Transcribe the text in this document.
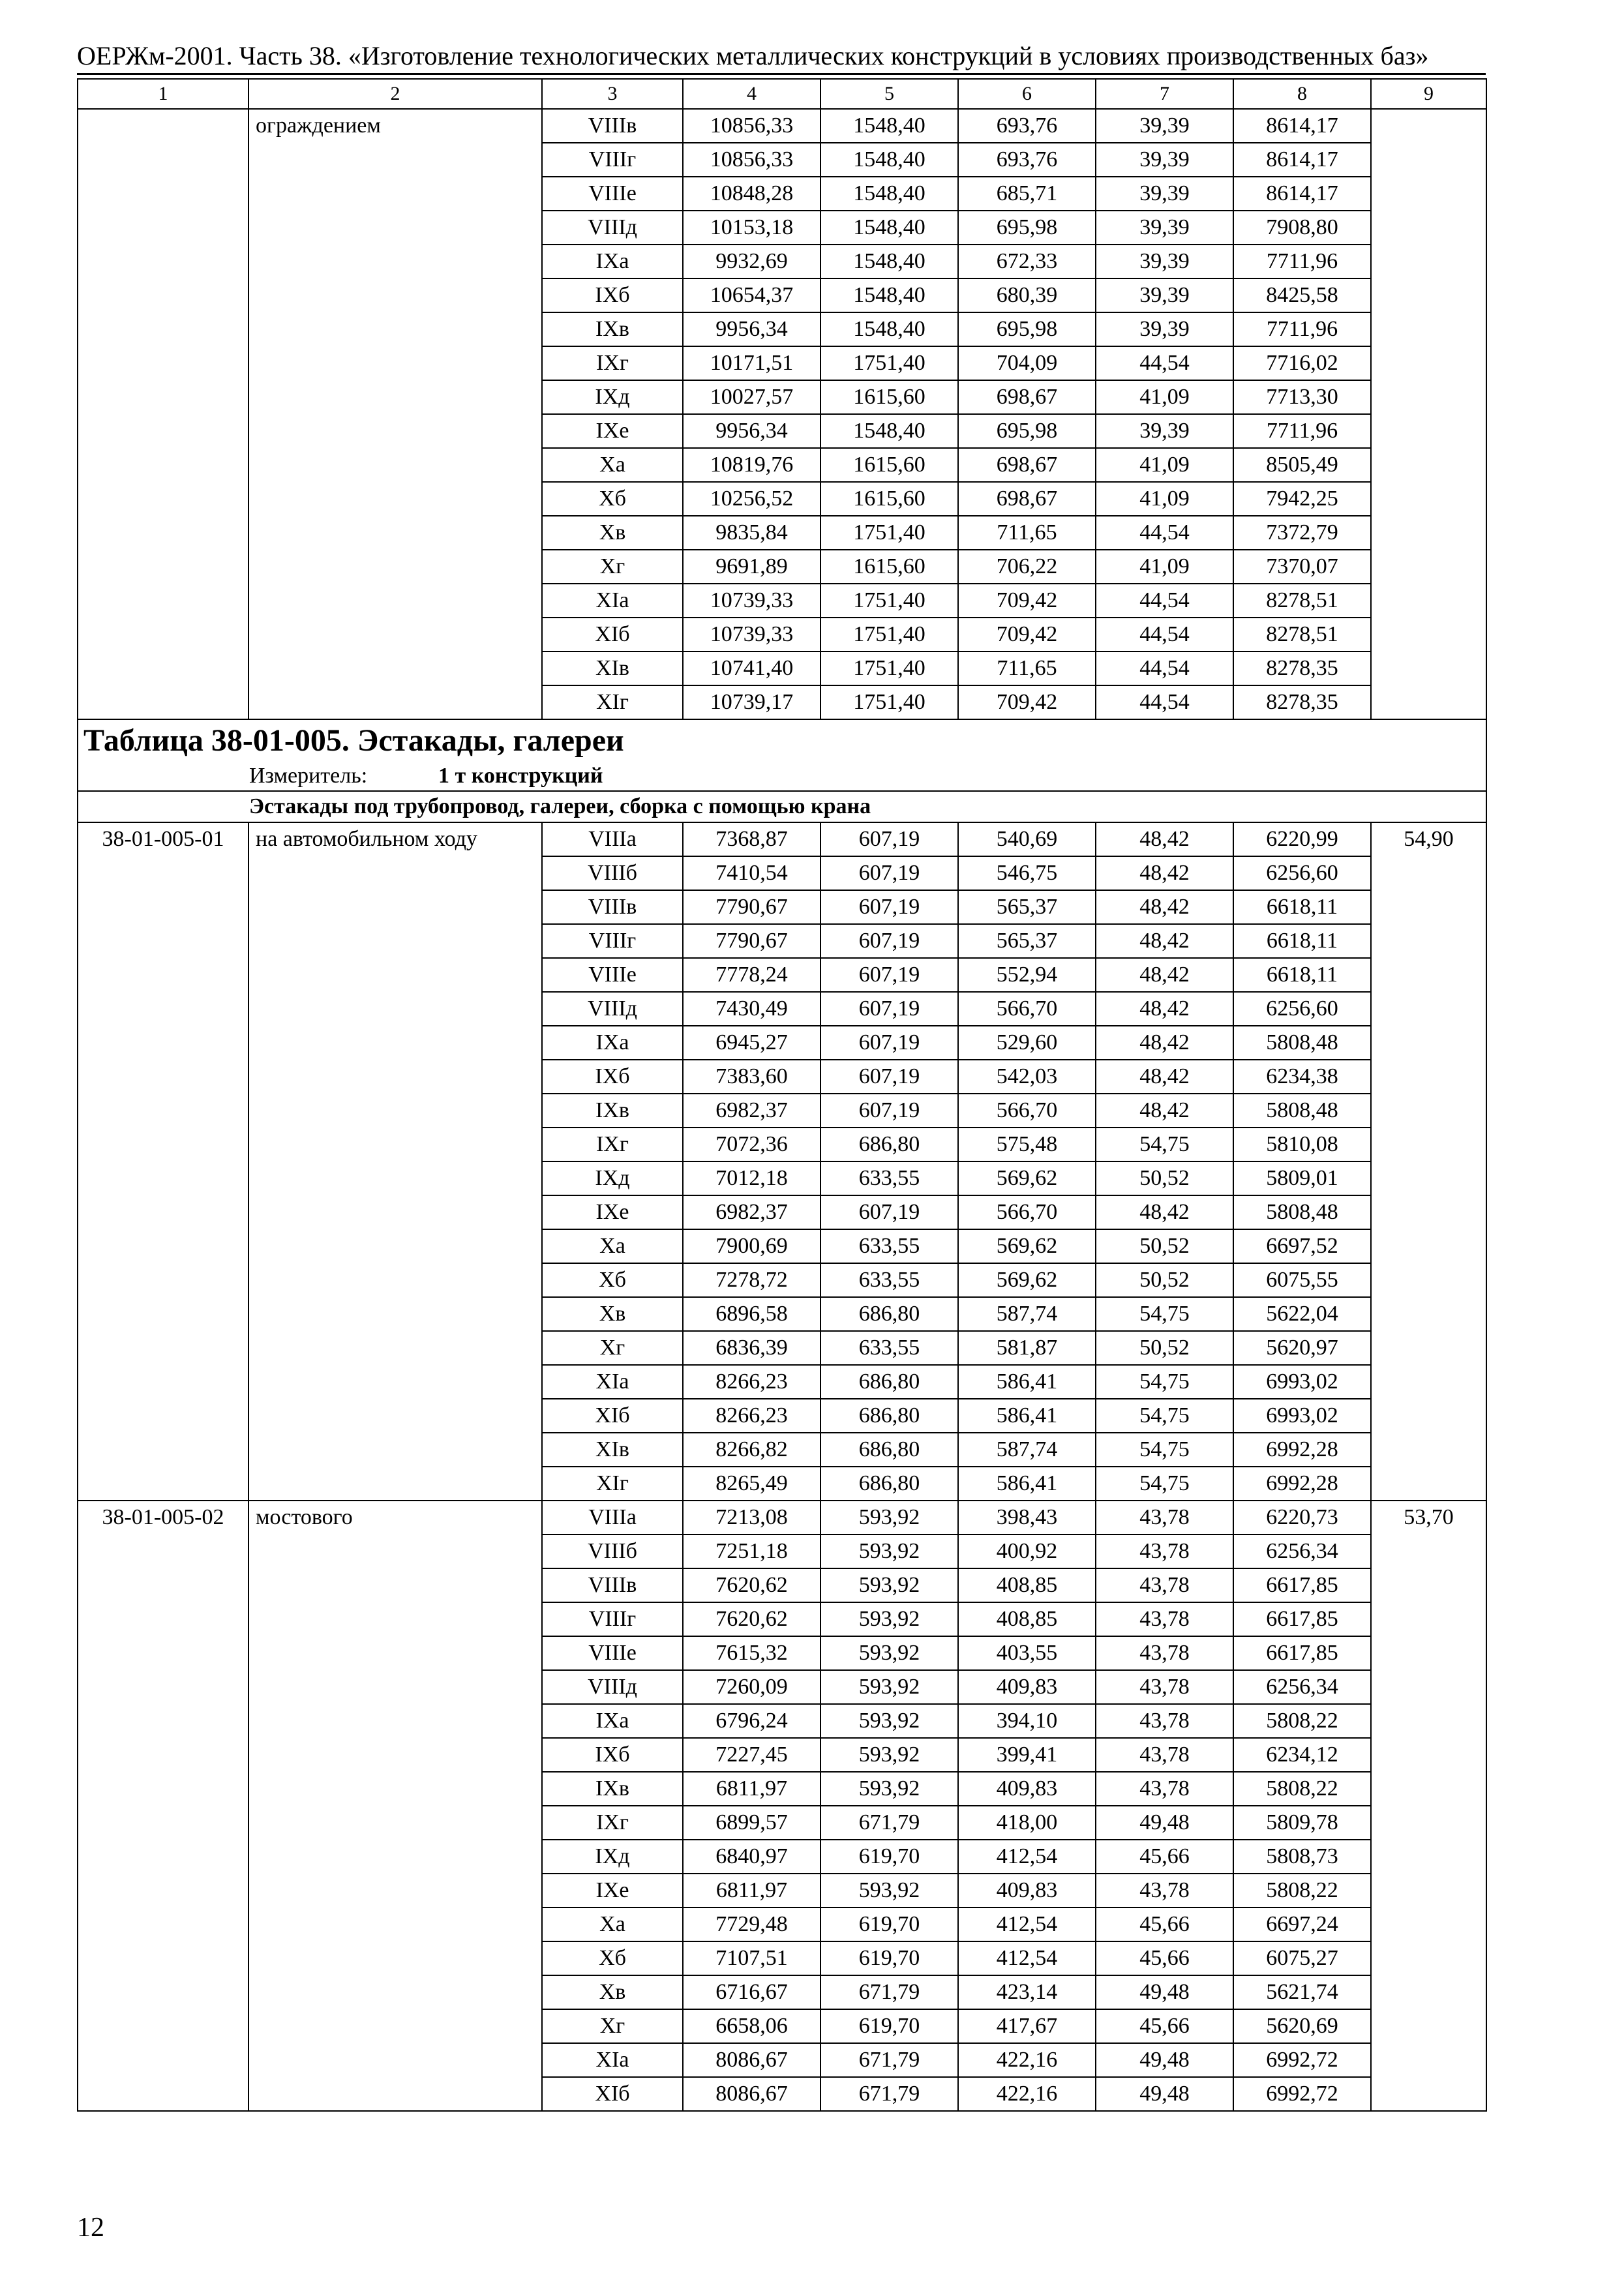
ОЕРЖм-2001. Часть 38. «Изготовление технологических металлических конструкций в условиях производственных баз»
1	2	3	4	5	6	7	8	9
	ограждением	VIIIв	10856,33	1548,40	693,76	39,39	8614,17	
		VIIIг	10856,33	1548,40	693,76	39,39	8614,17	
		VIIIе	10848,28	1548,40	685,71	39,39	8614,17	
		VIIIд	10153,18	1548,40	695,98	39,39	7908,80	
		IXа	9932,69	1548,40	672,33	39,39	7711,96	
		IXб	10654,37	1548,40	680,39	39,39	8425,58	
		IXв	9956,34	1548,40	695,98	39,39	7711,96	
		IXг	10171,51	1751,40	704,09	44,54	7716,02	
		IXд	10027,57	1615,60	698,67	41,09	7713,30	
		IXе	9956,34	1548,40	695,98	39,39	7711,96	
		Xа	10819,76	1615,60	698,67	41,09	8505,49	
		Xб	10256,52	1615,60	698,67	41,09	7942,25	
		Xв	9835,84	1751,40	711,65	44,54	7372,79	
		Xг	9691,89	1615,60	706,22	41,09	7370,07	
		XIа	10739,33	1751,40	709,42	44,54	8278,51	
		XIб	10739,33	1751,40	709,42	44,54	8278,51	
		XIв	10741,40	1751,40	711,65	44,54	8278,35	
		XIг	10739,17	1751,40	709,42	44,54	8278,35	

Таблица 38-01-005. Эстакады, галереи
Измеритель: 1 т конструкций								

Эстакады под трубопровод, галереи, сборка с помощью крана								

38-01-005-01	на автомобильном ходу	VIIIа	7368,87	607,19	540,69	48,42	6220,99	54,90
		VIIIб	7410,54	607,19	546,75	48,42	6256,60	
		VIIIв	7790,67	607,19	565,37	48,42	6618,11	
		VIIIг	7790,67	607,19	565,37	48,42	6618,11	
		VIIIе	7778,24	607,19	552,94	48,42	6618,11	
		VIIIд	7430,49	607,19	566,70	48,42	6256,60	
		IXа	6945,27	607,19	529,60	48,42	5808,48	
		IXб	7383,60	607,19	542,03	48,42	6234,38	
		IXв	6982,37	607,19	566,70	48,42	5808,48	
		IXг	7072,36	686,80	575,48	54,75	5810,08	
		IXд	7012,18	633,55	569,62	50,52	5809,01	
		IXе	6982,37	607,19	566,70	48,42	5808,48	
		Xа	7900,69	633,55	569,62	50,52	6697,52	
		Xб	7278,72	633,55	569,62	50,52	6075,55	
		Xв	6896,58	686,80	587,74	54,75	5622,04	
		Xг	6836,39	633,55	581,87	50,52	5620,97	
		XIа	8266,23	686,80	586,41	54,75	6993,02	
		XIб	8266,23	686,80	586,41	54,75	6993,02	
		XIв	8266,82	686,80	587,74	54,75	6992,28	
		XIг	8265,49	686,80	586,41	54,75	6992,28	
38-01-005-02	мостового	VIIIа	7213,08	593,92	398,43	43,78	6220,73	53,70
		VIIIб	7251,18	593,92	400,92	43,78	6256,34	
		VIIIв	7620,62	593,92	408,85	43,78	6617,85	
		VIIIг	7620,62	593,92	408,85	43,78	6617,85	
		VIIIе	7615,32	593,92	403,55	43,78	6617,85	
		VIIIд	7260,09	593,92	409,83	43,78	6256,34	
		IXа	6796,24	593,92	394,10	43,78	5808,22	
		IXб	7227,45	593,92	399,41	43,78	6234,12	
		IXв	6811,97	593,92	409,83	43,78	5808,22	
		IXг	6899,57	671,79	418,00	49,48	5809,78	
		IXд	6840,97	619,70	412,54	45,66	5808,73	
		IXе	6811,97	593,92	409,83	43,78	5808,22	
		Xа	7729,48	619,70	412,54	45,66	6697,24	
		Xб	7107,51	619,70	412,54	45,66	6075,27	
		Xв	6716,67	671,79	423,14	49,48	5621,74	
		Xг	6658,06	619,70	417,67	45,66	5620,69	
		XIа	8086,67	671,79	422,16	49,48	6992,72	
		XIб	8086,67	671,79	422,16	49,48	6992,72	
12
